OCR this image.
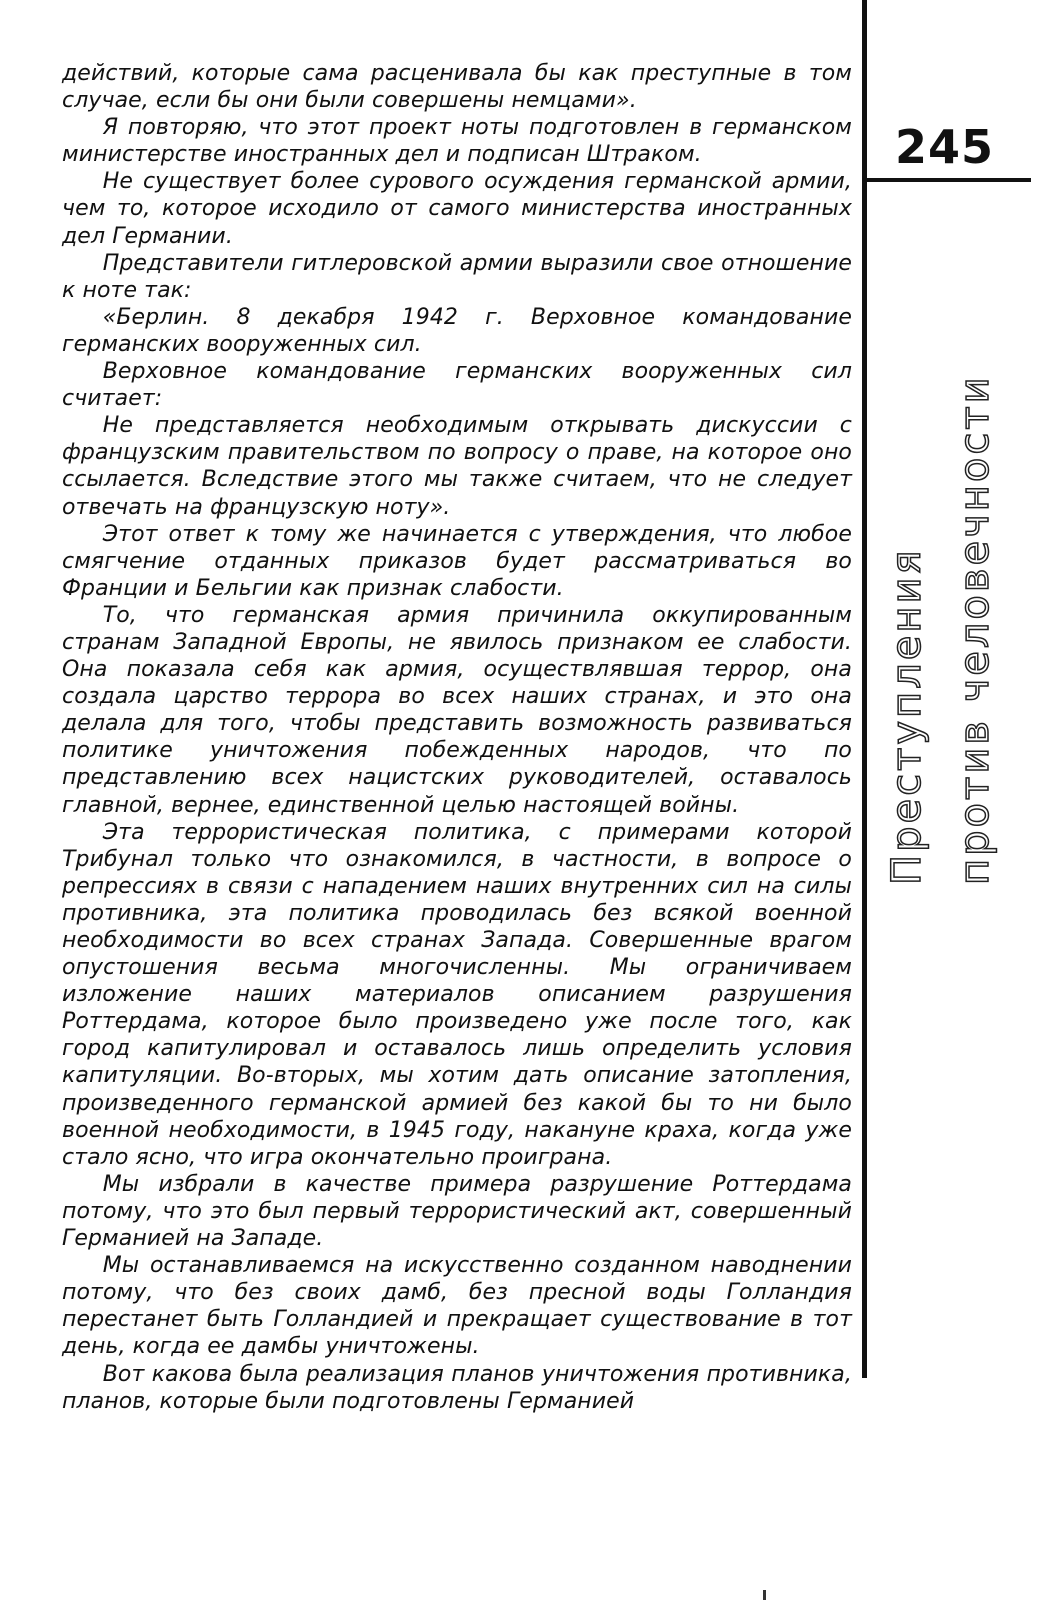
действий, которые сама расценивала бы как преступные в том случае, если бы они были совершены немцами».

Я повторяю, что этот проект ноты подготовлен в германском министерстве иностранных дел и подписан Штраком.

Не существует более сурового осуждения германской армии, чем то, которое исходило от самого министерства иностранных дел Германии.

Представители гитлеровской армии выразили свое отношение к ноте так:

«Берлин. 8 декабря 1942 г. Верховное командование германских вооруженных сил.

Верховное командование германских вооруженных сил считает:

Не представляется необходимым открывать дискуссии с французским правительством по вопросу о праве, на которое оно ссылается. Вследствие этого мы также считаем, что не следует отвечать на французскую ноту».

Этот ответ к тому же начинается с утверждения, что любое смягчение отданных приказов будет рассматриваться во Франции и Бельгии как признак слабости.

То, что германская армия причинила оккупированным странам Западной Европы, не явилось признаком ее слабости. Она показала себя как армия, осуществлявшая террор, она создала царство террора во всех наших странах, и это она делала для того, чтобы представить возможность развиваться политике уничтожения побежденных народов, что по представлению всех нацистских руководителей, оставалось главной, вернее, единственной целью настоящей войны.

Эта террористическая политика, с примерами которой Трибунал только что ознакомился, в частности, в вопросе о репрессиях в связи с нападением наших внутренних сил на силы противника, эта политика проводилась без всякой военной необходимости во всех странах Запада. Совершенные врагом опустошения весьма многочисленны. Мы ограничиваем изложение наших материалов описанием разрушения Роттердама, которое было произведено уже после того, как город капитулировал и оставалось лишь определить условия капитуляции. Во-вторых, мы хотим дать описание затопления, произведенного германской армией без какой бы то ни было военной необходимости, в 1945 году, накануне краха, когда уже стало ясно, что игра окончательно проиграна.

Мы избрали в качестве примера разрушение Роттердама потому, что это был первый террористический акт, совершенный Германией на Западе.

Мы останавливаемся на искусственно созданном наводнении потому, что без своих дамб, без пресной воды Голландия перестанет быть Голландией и прекращает существование в тот день, когда ее дамбы уничтожены.

Вот какова была реализация планов уничтожения противника, планов, которые были подготовлены Германией

245
Преступления против человечности
